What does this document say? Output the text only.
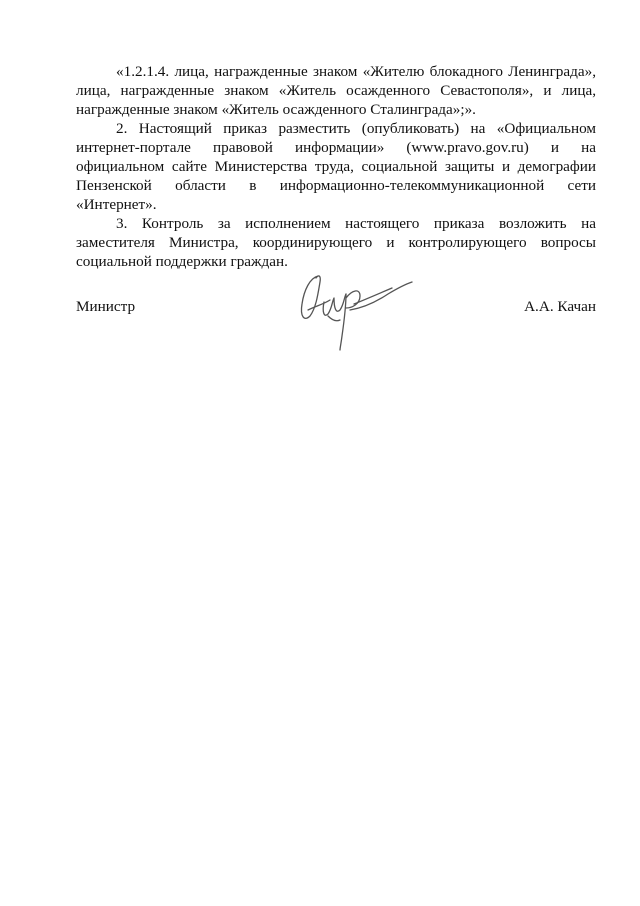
«1.2.1.4. лица, награжденные знаком «Жителю блокадного Ленинграда», лица, награжденные знаком «Житель осажденного Севастополя», и лица, награжденные знаком «Житель осажденного Сталинграда»;».

2. Настоящий приказ разместить (опубликовать) на «Официальном интернет-портале правовой информации» (www.pravo.gov.ru) и на официальном сайте Министерства труда, социальной защиты и демографии Пензенской области в информационно-телекоммуникационной сети «Интернет».

3. Контроль за исполнением настоящего приказа возложить на заместителя Министра, координирующего и контролирующего вопросы социальной поддержки граждан.

Министр	А.А. Качан
